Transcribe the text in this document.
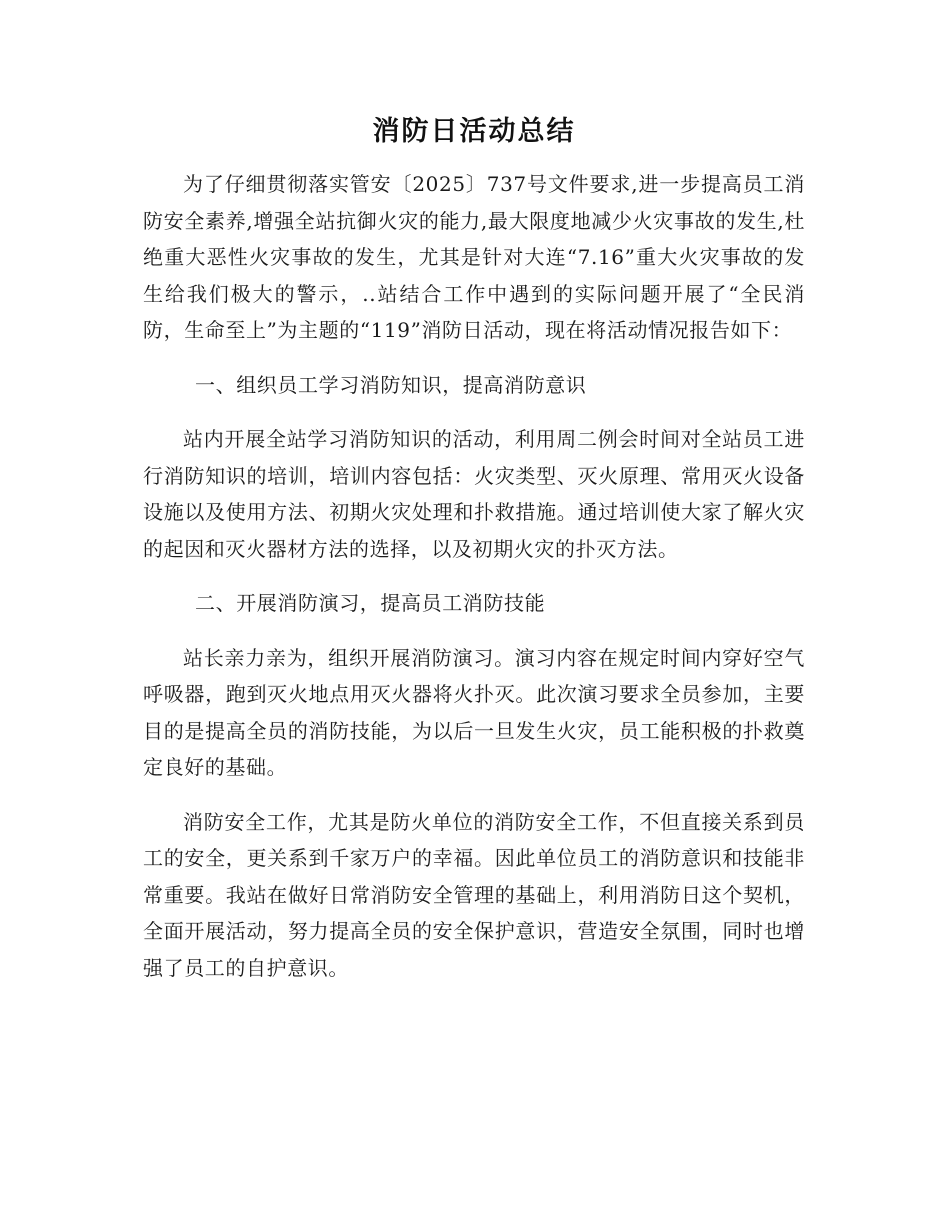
消防日活动总结

为了仔细贯彻落实管安〔2025〕737号文件要求,进一步提高员工消防安全素养,增强全站抗御火灾的能力,最大限度地减少火灾事故的发生,杜绝重大恶性火灾事故的发生，尤其是针对大连“7.16”重大火灾事故的发生给我们极大的警示，..站结合工作中遇到的实际问题开展了“全民消防，生命至上”为主题的“119”消防日活动，现在将活动情况报告如下：

一、组织员工学习消防知识，提高消防意识

站内开展全站学习消防知识的活动，利用周二例会时间对全站员工进行消防知识的培训，培训内容包括：火灾类型、灭火原理、常用灭火设备设施以及使用方法、初期火灾处理和扑救措施。通过培训使大家了解火灾的起因和灭火器材方法的选择，以及初期火灾的扑灭方法。

二、开展消防演习，提高员工消防技能

站长亲力亲为，组织开展消防演习。演习内容在规定时间内穿好空气呼吸器，跑到灭火地点用灭火器将火扑灭。此次演习要求全员参加，主要目的是提高全员的消防技能，为以后一旦发生火灾，员工能积极的扑救奠定良好的基础。

消防安全工作，尤其是防火单位的消防安全工作，不但直接关系到员工的安全，更关系到千家万户的幸福。因此单位员工的消防意识和技能非常重要。我站在做好日常消防安全管理的基础上，利用消防日这个契机，全面开展活动，努力提高全员的安全保护意识，营造安全氛围，同时也增强了员工的自护意识。
